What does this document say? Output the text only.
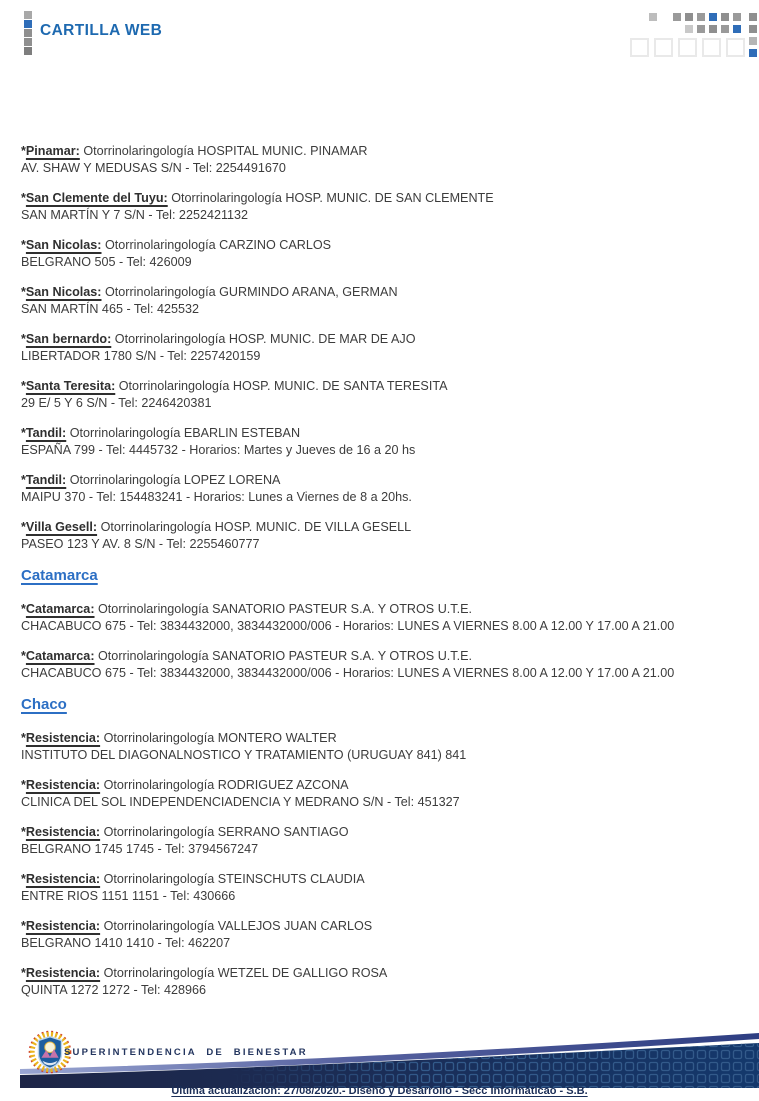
CARTILLA WEB
*Pinamar: Otorrinolaringología HOSPITAL MUNIC. PINAMAR
AV. SHAW Y MEDUSAS S/N - Tel: 2254491670
*San Clemente del Tuyu: Otorrinolaringología HOSP. MUNIC. DE SAN CLEMENTE
SAN MARTÍN Y 7 S/N - Tel: 2252421132
*San Nicolas: Otorrinolaringología CARZINO CARLOS
BELGRANO 505 - Tel: 426009
*San Nicolas: Otorrinolaringología GURMINDO ARANA, GERMAN
SAN MARTÍN 465 - Tel: 425532
*San bernardo: Otorrinolaringología HOSP. MUNIC. DE MAR DE AJO
LIBERTADOR 1780 S/N - Tel: 2257420159
*Santa Teresita: Otorrinolaringología HOSP. MUNIC. DE SANTA TERESITA
29 E/ 5 Y 6 S/N - Tel: 2246420381
*Tandil: Otorrinolaringología EBARLIN ESTEBAN
ESPAÑA 799 - Tel: 4445732 - Horarios: Martes y Jueves de 16 a 20 hs
*Tandil: Otorrinolaringología LOPEZ LORENA
MAIPU 370 - Tel: 154483241 - Horarios: Lunes a Viernes de 8 a 20hs.
*Villa Gesell: Otorrinolaringología HOSP. MUNIC. DE VILLA GESELL
PASEO 123 Y AV. 8 S/N - Tel: 2255460777
Catamarca
*Catamarca: Otorrinolaringología SANATORIO PASTEUR S.A. Y OTROS U.T.E.
CHACABUCO 675 - Tel: 3834432000, 3834432000/006 - Horarios: LUNES A VIERNES 8.00 A 12.00 Y 17.00 A 21.00
*Catamarca: Otorrinolaringología SANATORIO PASTEUR S.A. Y OTROS U.T.E.
CHACABUCO 675 - Tel: 3834432000, 3834432000/006 - Horarios: LUNES A VIERNES 8.00 A 12.00 Y 17.00 A 21.00
Chaco
*Resistencia: Otorrinolaringología MONTERO WALTER
INSTITUTO DEL DIAGONALNOSTICO Y TRATAMIENTO (URUGUAY 841) 841
*Resistencia: Otorrinolaringología RODRIGUEZ AZCONA
CLINICA DEL SOL INDEPENDENCIADENCIA Y MEDRANO S/N - Tel: 451327
*Resistencia: Otorrinolaringología SERRANO SANTIAGO
BELGRANO 1745 1745 - Tel: 3794567247
*Resistencia: Otorrinolaringología STEINSCHUTS CLAUDIA
ENTRE RIOS 1151 1151 - Tel: 430666
*Resistencia: Otorrinolaringología VALLEJOS JUAN CARLOS
BELGRANO 1410 1410 - Tel: 462207
*Resistencia: Otorrinolaringología WETZEL DE GALLIGO ROSA
QUINTA 1272 1272 - Tel: 428966
SUPERINTENDENCIA DE BIENESTAR
Última actualización: 27/08/2020.- Diseño y Desarrollo - Secc Informáticao - S.B.
